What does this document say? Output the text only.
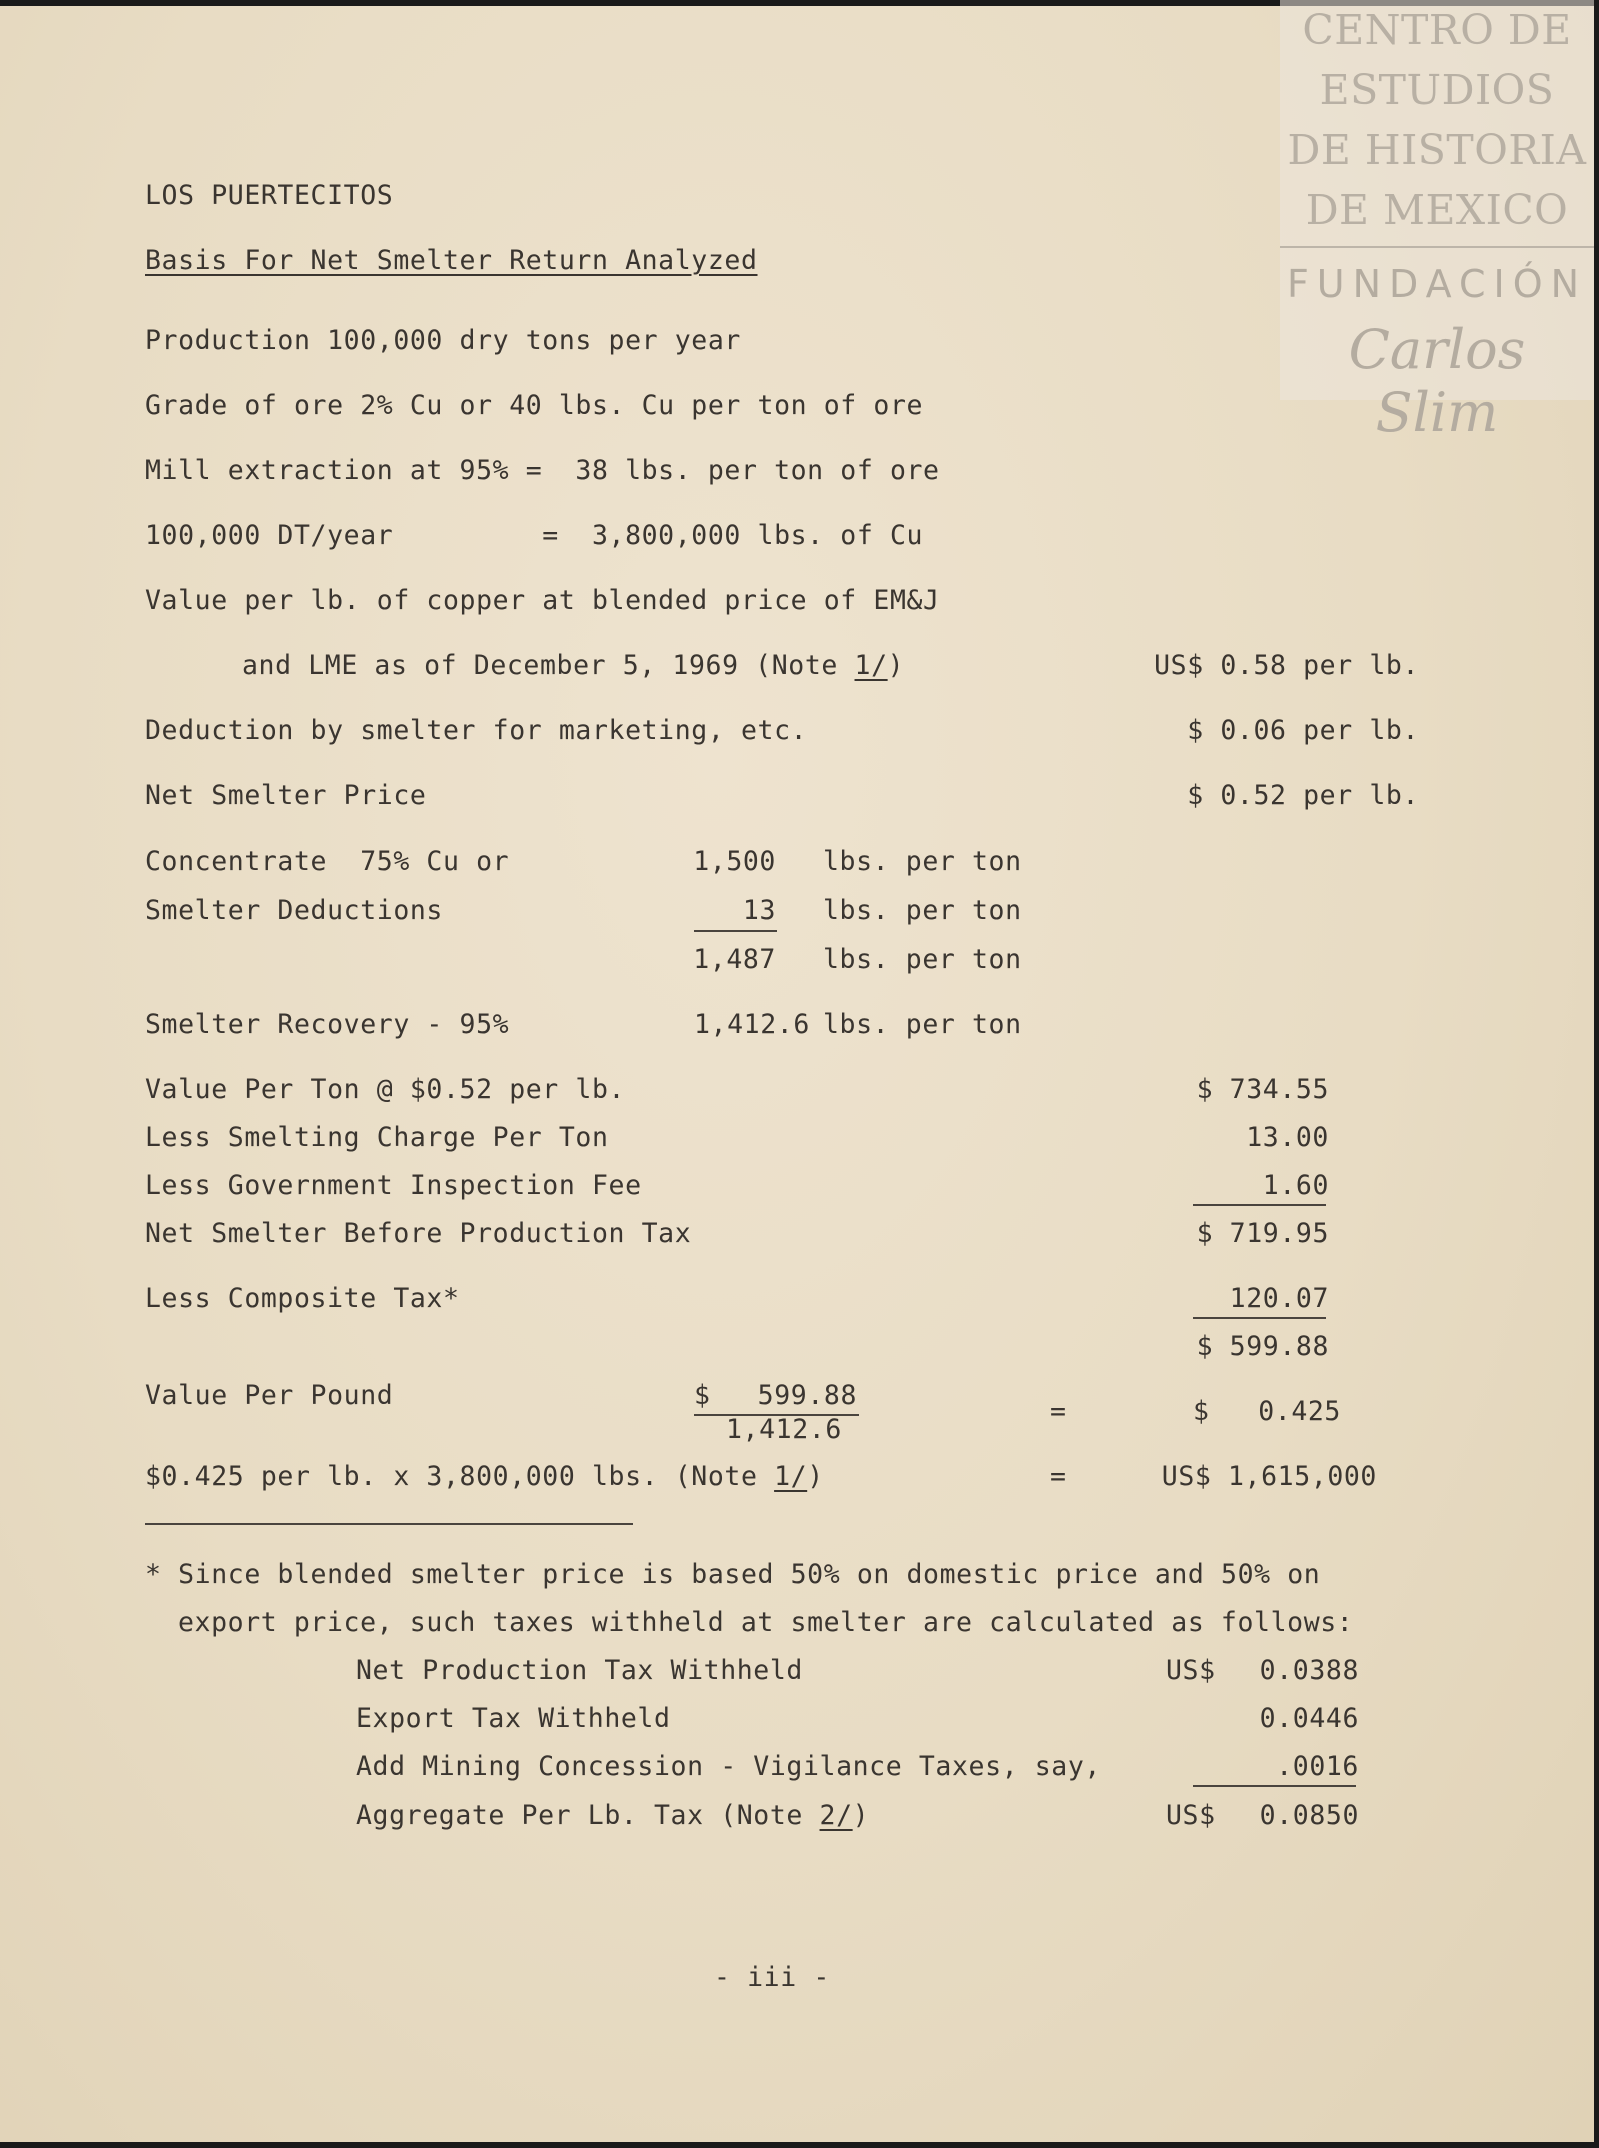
CENTRO DE
ESTUDIOS
DE HISTORIA
DE MEXICO
FUNDACIÓN
Carlos Slim
LOS PUERTECITOS
Basis For Net Smelter Return Analyzed
Production 100,000 dry tons per year
Grade of ore 2% Cu or 40 lbs. Cu per ton of ore
Mill extraction at 95% =  38 lbs. per ton of ore
100,000 DT/year         =  3,800,000 lbs. of Cu
Value per lb. of copper at blended price of EM&J
and LME as of December 5, 1969 (Note 1/)	US$ 0.58 per lb.
Deduction by smelter for marketing, etc.	$ 0.06 per lb.
Net Smelter Price	$ 0.52 per lb.
Concentrate  75% Cu or	1,500 lbs. per ton
Smelter Deductions	13 lbs. per ton
1,487 lbs. per ton
Smelter Recovery - 95%	1,412.6 lbs. per ton
Value Per Ton @ $0.52 per lb.	$ 734.55
Less Smelting Charge Per Ton	13.00
Less Government Inspection Fee	1.60
Net Smelter Before Production Tax	$ 719.95
Less Composite Tax*	120.07
$ 599.88
Value Per Pound	$ 599.88
1,412.6
=	$ 0.425
$0.425 per lb. x 3,800,000 lbs. (Note 1/)	=	US$ 1,615,000
* Since blended smelter price is based 50% on domestic price and 50% on
export price, such taxes withheld at smelter are calculated as follows:
Net Production Tax Withheld	US$ 0.0388
Export Tax Withheld	0.0446
Add Mining Concession - Vigilance Taxes, say,	.0016
Aggregate Per Lb. Tax (Note 2/)	US$ 0.0850
- iii -
